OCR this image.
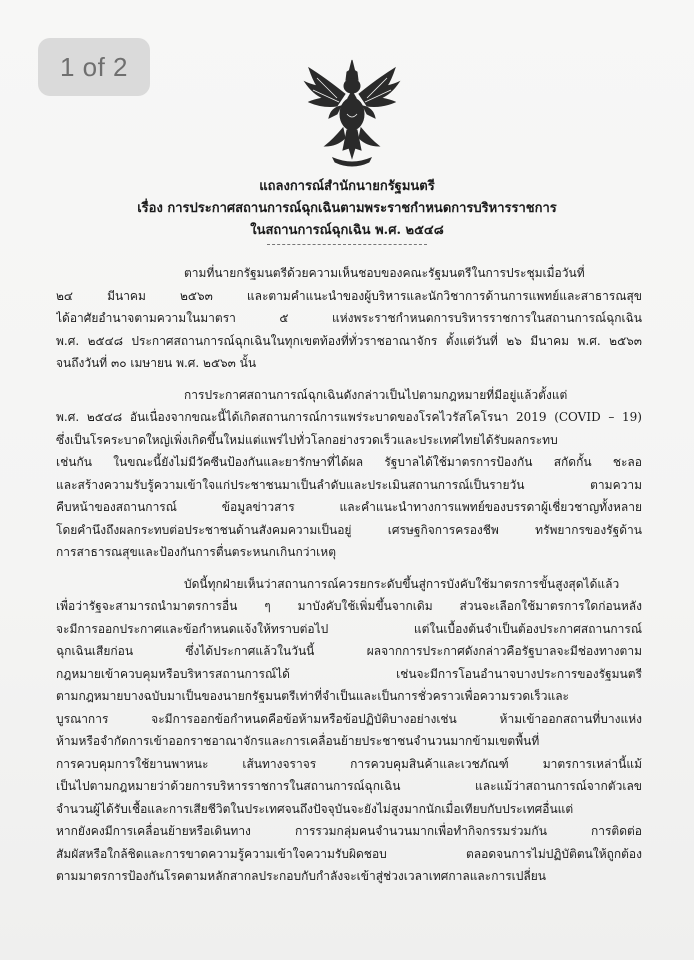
1 of 2
แถลงการณ์สำนักนายกรัฐมนตรี
เรื่อง การประกาศสถานการณ์ฉุกเฉินตามพระราชกำหนดการบริหารราชการ
ในสถานการณ์ฉุกเฉิน พ.ศ. ๒๕๔๘

ตามที่นายกรัฐมนตรีด้วยความเห็นชอบของคณะรัฐมนตรีในการประชุมเมื่อวันที่
๒๔ มีนาคม ๒๕๖๓ และตามคำแนะนำของผู้บริหารและนักวิชาการด้านการแพทย์และสาธารณสุข
ได้อาศัยอำนาจตามความในมาตรา ๕ แห่งพระราชกำหนดการบริหารราชการในสถานการณ์ฉุกเฉิน
พ.ศ. ๒๕๔๘ ประกาศสถานการณ์ฉุกเฉินในทุกเขตท้องที่ทั่วราชอาณาจักร ตั้งแต่วันที่ ๒๖ มีนาคม พ.ศ. ๒๕๖๓
จนถึงวันที่ ๓๐ เมษายน พ.ศ. ๒๕๖๓ นั้น

การประกาศสถานการณ์ฉุกเฉินดังกล่าวเป็นไปตามกฎหมายที่มีอยู่แล้วตั้งแต่
พ.ศ. ๒๕๔๘ อันเนื่องจากขณะนี้ได้เกิดสถานการณ์การแพร่ระบาดของโรคไวรัสโคโรนา 2019 (COVID – 19)
ซึ่งเป็นโรคระบาดใหญ่เพิ่งเกิดขึ้นใหม่แต่แพร่ไปทั่วโลกอย่างรวดเร็วและประเทศไทยได้รับผลกระทบ
เช่นกัน ในขณะนี้ยังไม่มีวัคซีนป้องกันและยารักษาที่ได้ผล รัฐบาลได้ใช้มาตรการป้องกัน สกัดกั้น ชะลอ
และสร้างความรับรู้ความเข้าใจแก่ประชาชนมาเป็นลำดับและประเมินสถานการณ์เป็นรายวัน ตามความ
คืบหน้าของสถานการณ์ ข้อมูลข่าวสาร และคำแนะนำทางการแพทย์ของบรรดาผู้เชี่ยวชาญทั้งหลาย
โดยคำนึงถึงผลกระทบต่อประชาชนด้านสังคมความเป็นอยู่ เศรษฐกิจการครองชีพ ทรัพยากรของรัฐด้าน
การสาธารณสุขและป้องกันการตื่นตระหนกเกินกว่าเหตุ

บัดนี้ทุกฝ่ายเห็นว่าสถานการณ์ควรยกระดับขึ้นสู่การบังคับใช้มาตรการขั้นสูงสุดได้แล้ว
เพื่อว่ารัฐจะสามารถนำมาตรการอื่น ๆ มาบังคับใช้เพิ่มขึ้นจากเดิม ส่วนจะเลือกใช้มาตรการใดก่อนหลัง
จะมีการออกประกาศและข้อกำหนดแจ้งให้ทราบต่อไป แต่ในเบื้องต้นจำเป็นต้องประกาศสถานการณ์
ฉุกเฉินเสียก่อน ซึ่งได้ประกาศแล้วในวันนี้ ผลจากการประกาศดังกล่าวคือรัฐบาลจะมีช่องทางตาม
กฎหมายเข้าควบคุมหรือบริหารสถานการณ์ได้ เช่นจะมีการโอนอำนาจบางประการของรัฐมนตรี
ตามกฎหมายบางฉบับมาเป็นของนายกรัฐมนตรีเท่าที่จำเป็นและเป็นการชั่วคราวเพื่อความรวดเร็วและ
บูรณาการ จะมีการออกข้อกำหนดคือข้อห้ามหรือข้อปฏิบัติบางอย่างเช่น ห้ามเข้าออกสถานที่บางแห่ง
ห้ามหรือจำกัดการเข้าออกราชอาณาจักรและการเคลื่อนย้ายประชาชนจำนวนมากข้ามเขตพื้นที่
การควบคุมการใช้ยานพาหนะ เส้นทางจราจร การควบคุมสินค้าและเวชภัณฑ์ มาตรการเหล่านี้แม้
เป็นไปตามกฎหมายว่าด้วยการบริหารราชการในสถานการณ์ฉุกเฉิน และแม้ว่าสถานการณ์จากตัวเลข
จำนวนผู้ได้รับเชื้อและการเสียชีวิตในประเทศจนถึงปัจจุบันจะยังไม่สูงมากนักเมื่อเทียบกับประเทศอื่นแต่
หากยังคงมีการเคลื่อนย้ายหรือเดินทาง การรวมกลุ่มคนจำนวนมากเพื่อทำกิจกรรมร่วมกัน การติดต่อ
สัมผัสหรือใกล้ชิดและการขาดความรู้ความเข้าใจความรับผิดชอบ ตลอดจนการไม่ปฏิบัติตนให้ถูกต้อง
ตามมาตรการป้องกันโรคตามหลักสากลประกอบกับกำลังจะเข้าสู่ช่วงเวลาเทศกาลและการเปลี่ยน
